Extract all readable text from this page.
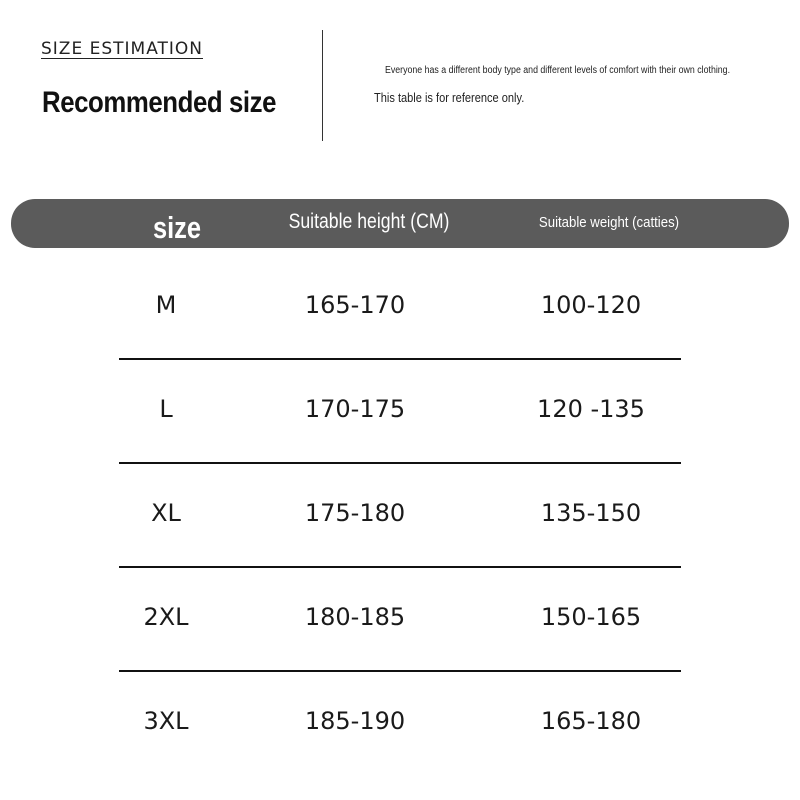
SIZE ESTIMATION
Recommended size
Everyone has a different body type and different levels of comfort with their own clothing.
This table is for reference only.
size	Suitable height (CM)	Suitable weight (catties)
M	165-170	100-120
L	170-175	120 -135
XL	175-180	135-150
2XL	180-185	150-165
3XL	185-190	165-180
